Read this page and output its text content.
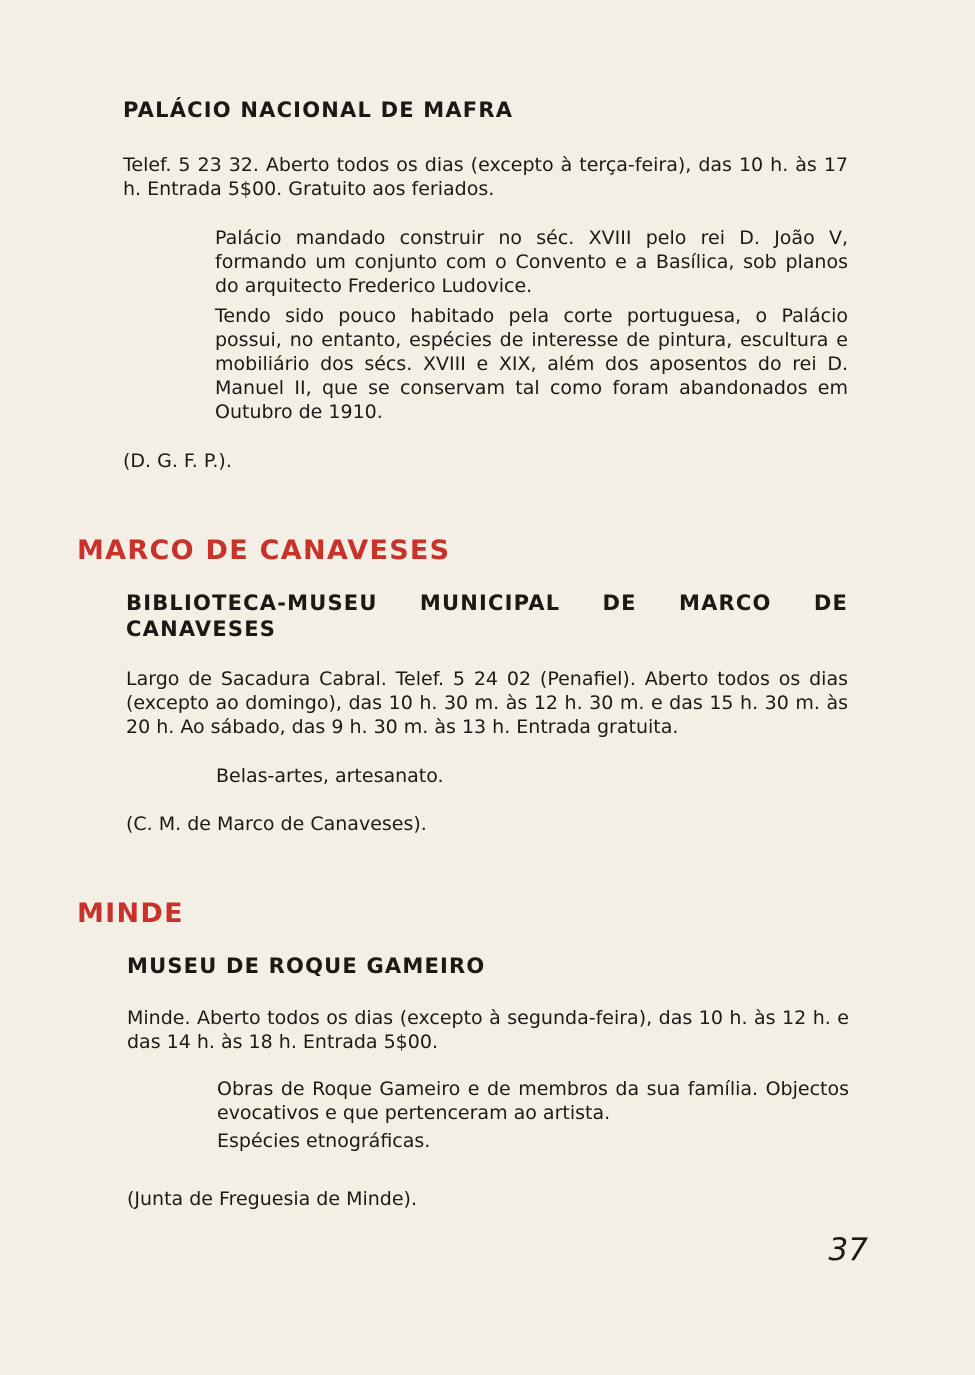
PALÁCIO NACIONAL DE MAFRA

Telef. 5 23 32. Aberto todos os dias (excepto à terça-feira), das 10 h. às 17 h. Entrada 5$00. Gratuito aos feriados.

Palácio mandado construir no séc. XVIII pelo rei D. João V, formando um conjunto com o Convento e a Basílica, sob planos do arquitecto Frederico Ludovice.

Tendo sido pouco habitado pela corte portuguesa, o Palácio possui, no entanto, espécies de interesse de pintura, escultura e mobiliário dos sécs. XVIII e XIX, além dos aposentos do rei D. Manuel II, que se conservam tal como foram abandonados em Outubro de 1910.

(D. G. F. P.).
MARCO DE CANAVESES
BIBLIOTECA-MUSEU MUNICIPAL DE MARCO DE CANAVESES

Largo de Sacadura Cabral. Telef. 5 24 02 (Penafiel). Aberto todos os dias (excepto ao domingo), das 10 h. 30 m. às 12 h. 30 m. e das 15 h. 30 m. às 20 h. Ao sábado, das 9 h. 30 m. às 13 h. Entrada gratuita.

Belas-artes, artesanato.
(C. M. de Marco de Canaveses).
MINDE
MUSEU DE ROQUE GAMEIRO

Minde. Aberto todos os dias (excepto à segunda-feira), das 10 h. às 12 h. e das 14 h. às 18 h. Entrada 5$00.

Obras de Roque Gameiro e de membros da sua família. Objectos evocativos e que pertenceram ao artista.

Espécies etnográficas.

(Junta de Freguesia de Minde).
37
